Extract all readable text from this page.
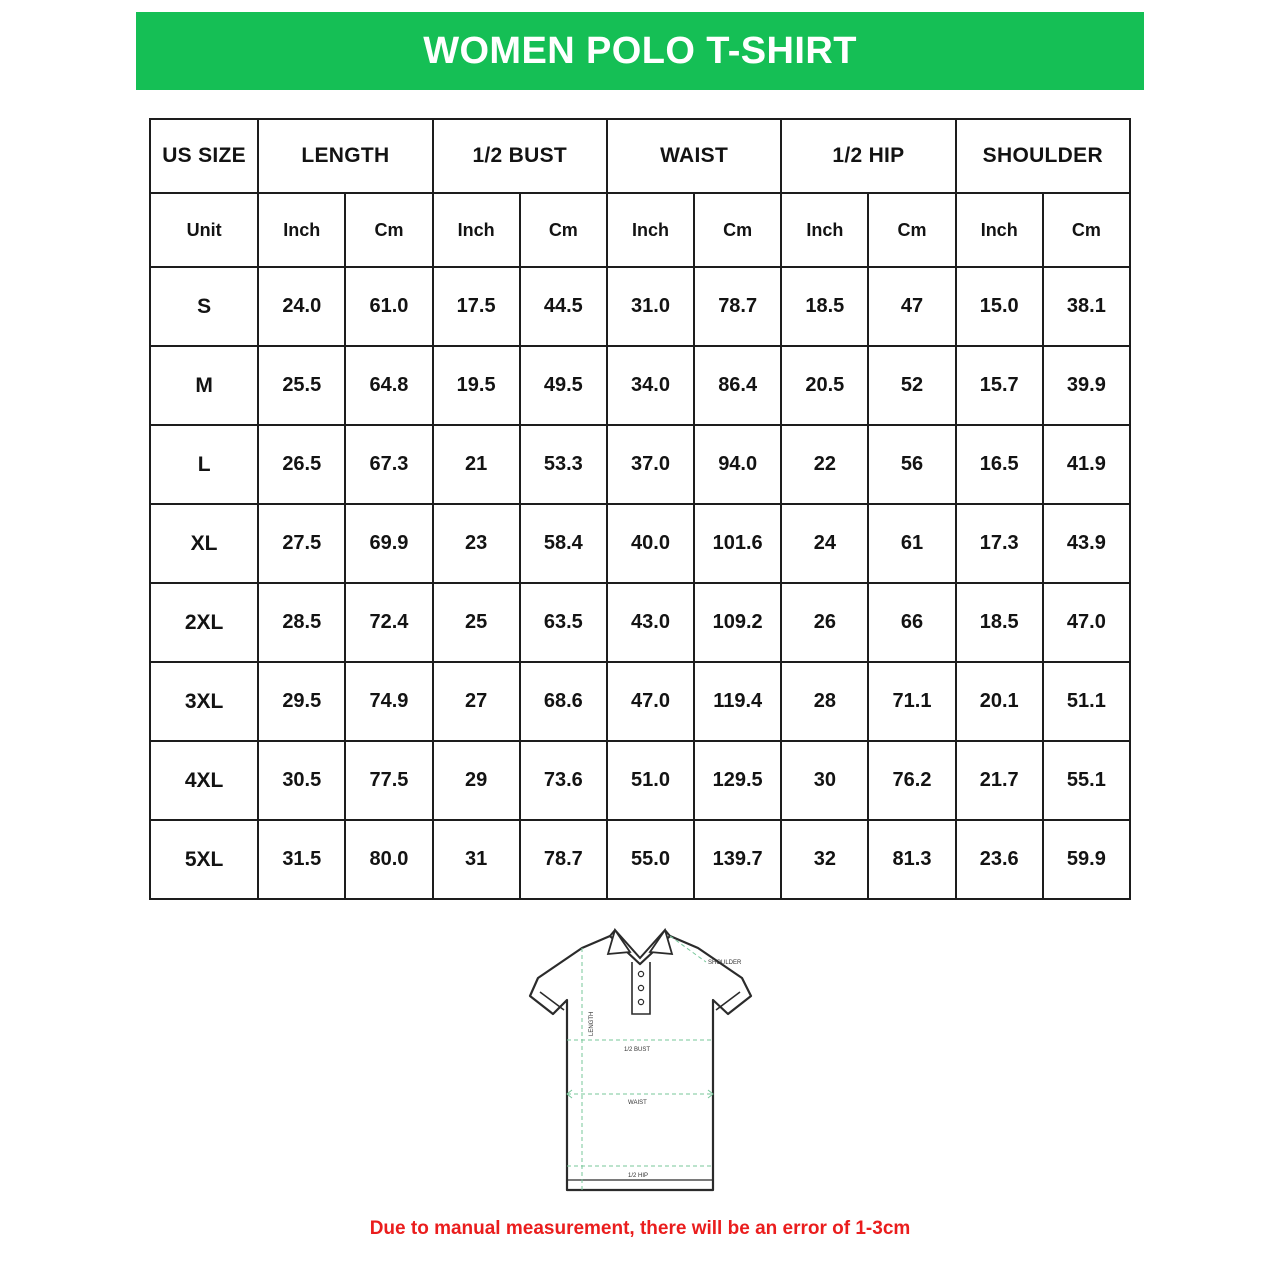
WOMEN POLO T-SHIRT
US SIZE	LENGTH		1/2 BUST		WAIST		1/2 HIP		SHOULDER	
Unit	Inch	Cm	Inch	Cm	Inch	Cm	Inch	Cm	Inch	Cm
S	24.0	61.0	17.5	44.5	31.0	78.7	18.5	47	15.0	38.1
M	25.5	64.8	19.5	49.5	34.0	86.4	20.5	52	15.7	39.9
L	26.5	67.3	21	53.3	37.0	94.0	22	56	16.5	41.9
XL	27.5	69.9	23	58.4	40.0	101.6	24	61	17.3	43.9
2XL	28.5	72.4	25	63.5	43.0	109.2	26	66	18.5	47.0
3XL	29.5	74.9	27	68.6	47.0	119.4	28	71.1	20.1	51.1
4XL	30.5	77.5	29	73.6	51.0	129.5	30	76.2	21.7	55.1
5XL	31.5	80.0	31	78.7	55.0	139.7	32	81.3	23.6	59.9
LENGTH
SHOULDER
1/2 BUST
WAIST
1/2 HIP
Due to manual measurement, there will be an error of 1-3cm
